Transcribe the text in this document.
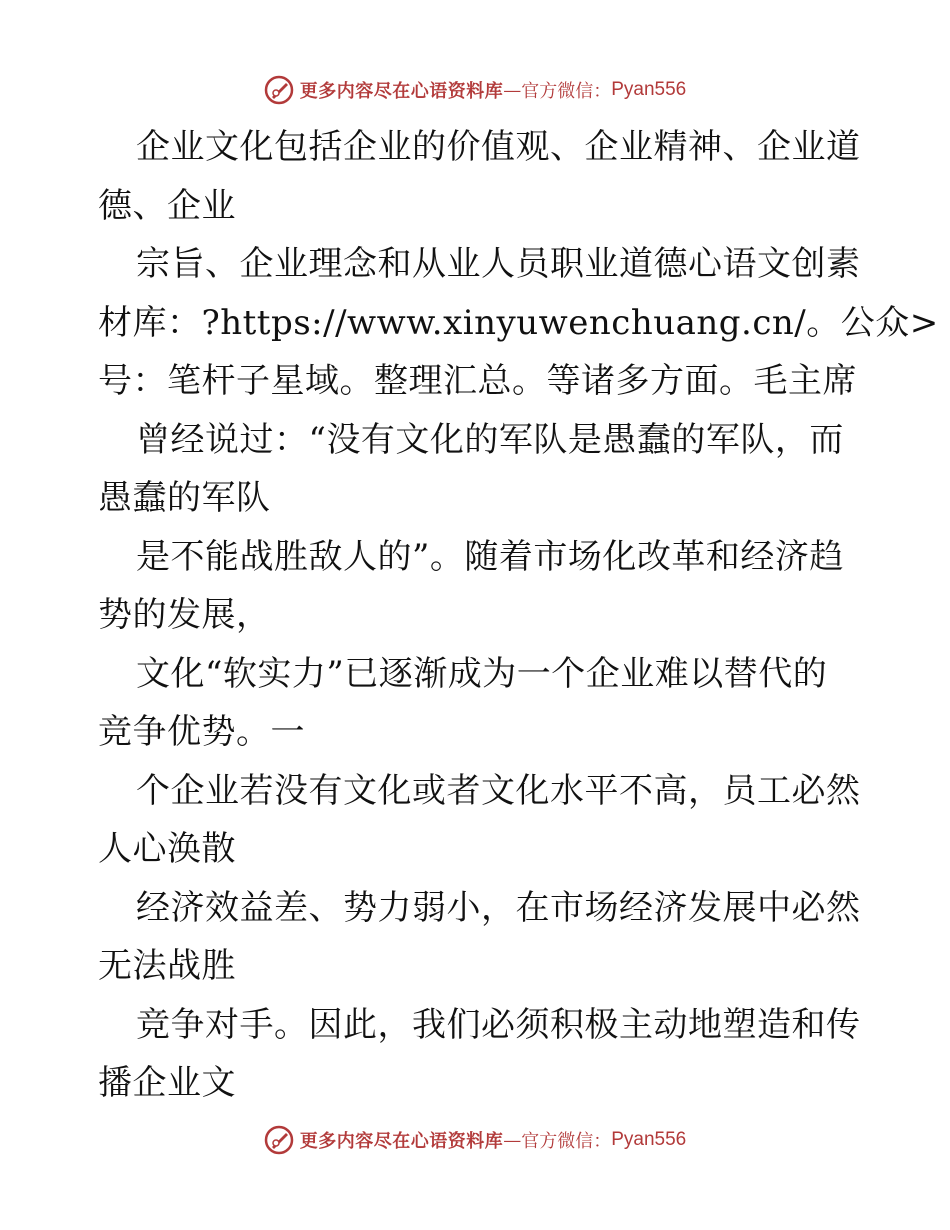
更多内容尽在心语资料库 — 官方微信： Pyan556
企业文化包括企业的价值观、企业精神、企业道
德、企业
宗旨、企业理念和从业人员职业道德心语文创素
材库：?https://www.xinyuwenchuang.cn/。公众>
号：笔杆子星域。整理汇总。等诸多方面。毛主席
曾经说过：“没有文化的军队是愚蠢的军队，而
愚蠢的军队
是不能战胜敌人的”。随着市场化改革和经济趋
势的发展，
文化“软实力”已逐渐成为一个企业难以替代的
竞争优势。一
个企业若没有文化或者文化水平不高，员工必然
人心涣散
经济效益差、势力弱小，在市场经济发展中必然
无法战胜
竞争对手。因此，我们必须积极主动地塑造和传
播企业文
更多内容尽在心语资料库 — 官方微信： Pyan556
